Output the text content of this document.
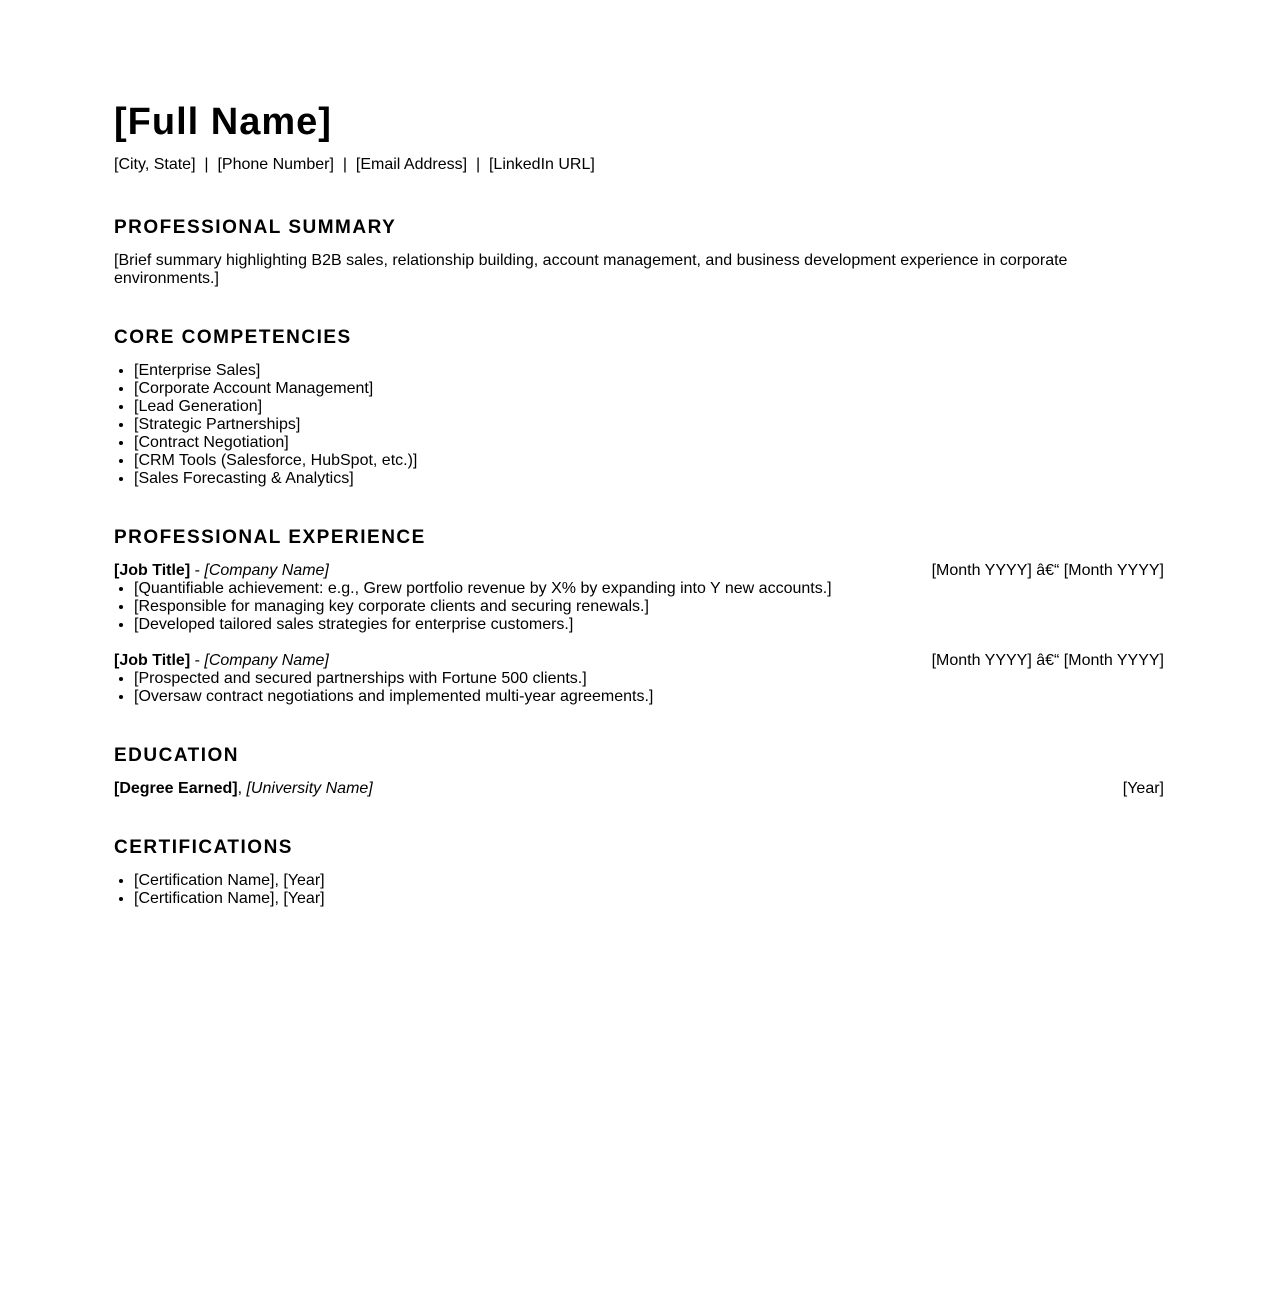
[Full Name]
[City, State]  |  [Phone Number]  |  [Email Address]  |  [LinkedIn URL]
PROFESSIONAL SUMMARY
[Brief summary highlighting B2B sales, relationship building, account management, and business development experience in corporate environments.]
CORE COMPETENCIES
• [Enterprise Sales]
• [Corporate Account Management]
• [Lead Generation]
• [Strategic Partnerships]
• [Contract Negotiation]
• [CRM Tools (Salesforce, HubSpot, etc.)]
• [Sales Forecasting & Analytics]
PROFESSIONAL EXPERIENCE
[Job Title] - [Company Name]	[Month YYYY] â€“ [Month YYYY]
• [Quantifiable achievement: e.g., Grew portfolio revenue by X% by expanding into Y new accounts.]
• [Responsible for managing key corporate clients and securing renewals.]
• [Developed tailored sales strategies for enterprise customers.]
[Job Title] - [Company Name]	[Month YYYY] â€“ [Month YYYY]
• [Prospected and secured partnerships with Fortune 500 clients.]
• [Oversaw contract negotiations and implemented multi-year agreements.]
EDUCATION
[Degree Earned], [University Name]	[Year]
CERTIFICATIONS
• [Certification Name], [Year]
• [Certification Name], [Year]
